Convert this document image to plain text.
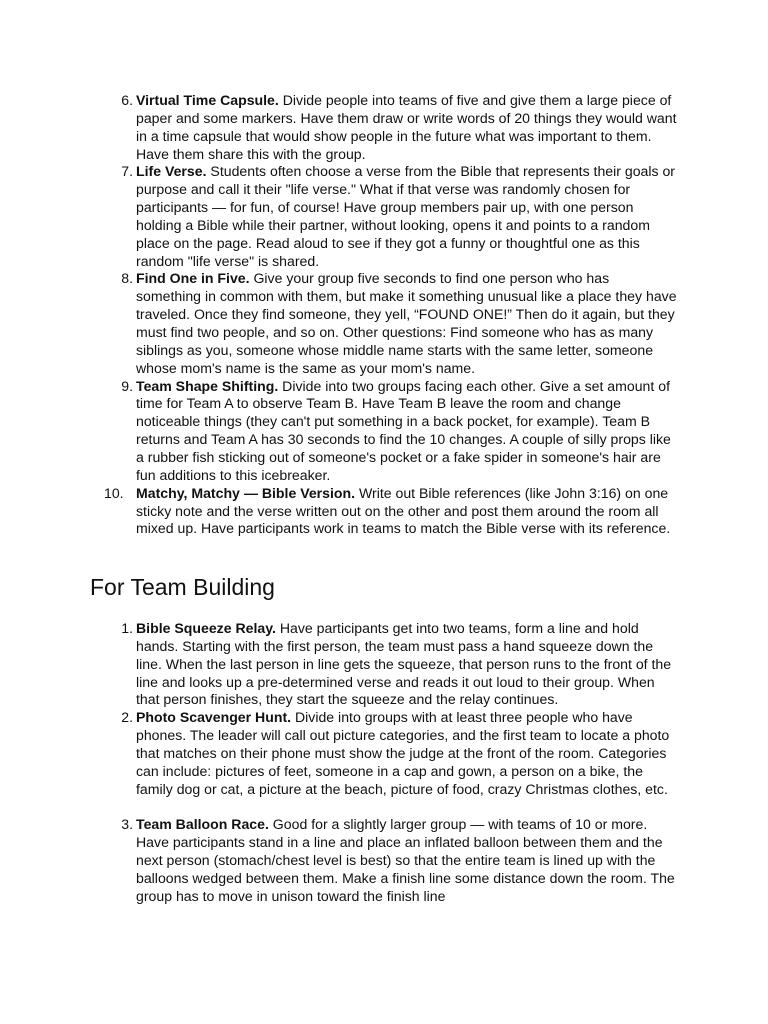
6. Virtual Time Capsule. Divide people into teams of five and give them a large piece of paper and some markers. Have them draw or write words of 20 things they would want in a time capsule that would show people in the future what was important to them. Have them share this with the group.
7. Life Verse. Students often choose a verse from the Bible that represents their goals or purpose and call it their "life verse." What if that verse was randomly chosen for participants — for fun, of course! Have group members pair up, with one person holding a Bible while their partner, without looking, opens it and points to a random place on the page. Read aloud to see if they got a funny or thoughtful one as this random "life verse" is shared.
8. Find One in Five. Give your group five seconds to find one person who has something in common with them, but make it something unusual like a place they have traveled. Once they find someone, they yell, “FOUND ONE!” Then do it again, but they must find two people, and so on. Other questions: Find someone who has as many siblings as you, someone whose middle name starts with the same letter, someone whose mom's name is the same as your mom's name.
9. Team Shape Shifting. Divide into two groups facing each other. Give a set amount of time for Team A to observe Team B. Have Team B leave the room and change noticeable things (they can't put something in a back pocket, for example). Team B returns and Team A has 30 seconds to find the 10 changes. A couple of silly props like a rubber fish sticking out of someone's pocket or a fake spider in someone's hair are fun additions to this icebreaker.
10. Matchy, Matchy — Bible Version. Write out Bible references (like John 3:16) on one sticky note and the verse written out on the other and post them around the room all mixed up. Have participants work in teams to match the Bible verse with its reference.
For Team Building
1. Bible Squeeze Relay. Have participants get into two teams, form a line and hold hands. Starting with the first person, the team must pass a hand squeeze down the line. When the last person in line gets the squeeze, that person runs to the front of the line and looks up a pre-determined verse and reads it out loud to their group. When that person finishes, they start the squeeze and the relay continues.
2. Photo Scavenger Hunt. Divide into groups with at least three people who have phones. The leader will call out picture categories, and the first team to locate a photo that matches on their phone must show the judge at the front of the room. Categories can include: pictures of feet, someone in a cap and gown, a person on a bike, the family dog or cat, a picture at the beach, picture of food, crazy Christmas clothes, etc.
3. Team Balloon Race. Good for a slightly larger group — with teams of 10 or more. Have participants stand in a line and place an inflated balloon between them and the next person (stomach/chest level is best) so that the entire team is lined up with the balloons wedged between them. Make a finish line some distance down the room. The group has to move in unison toward the finish line
